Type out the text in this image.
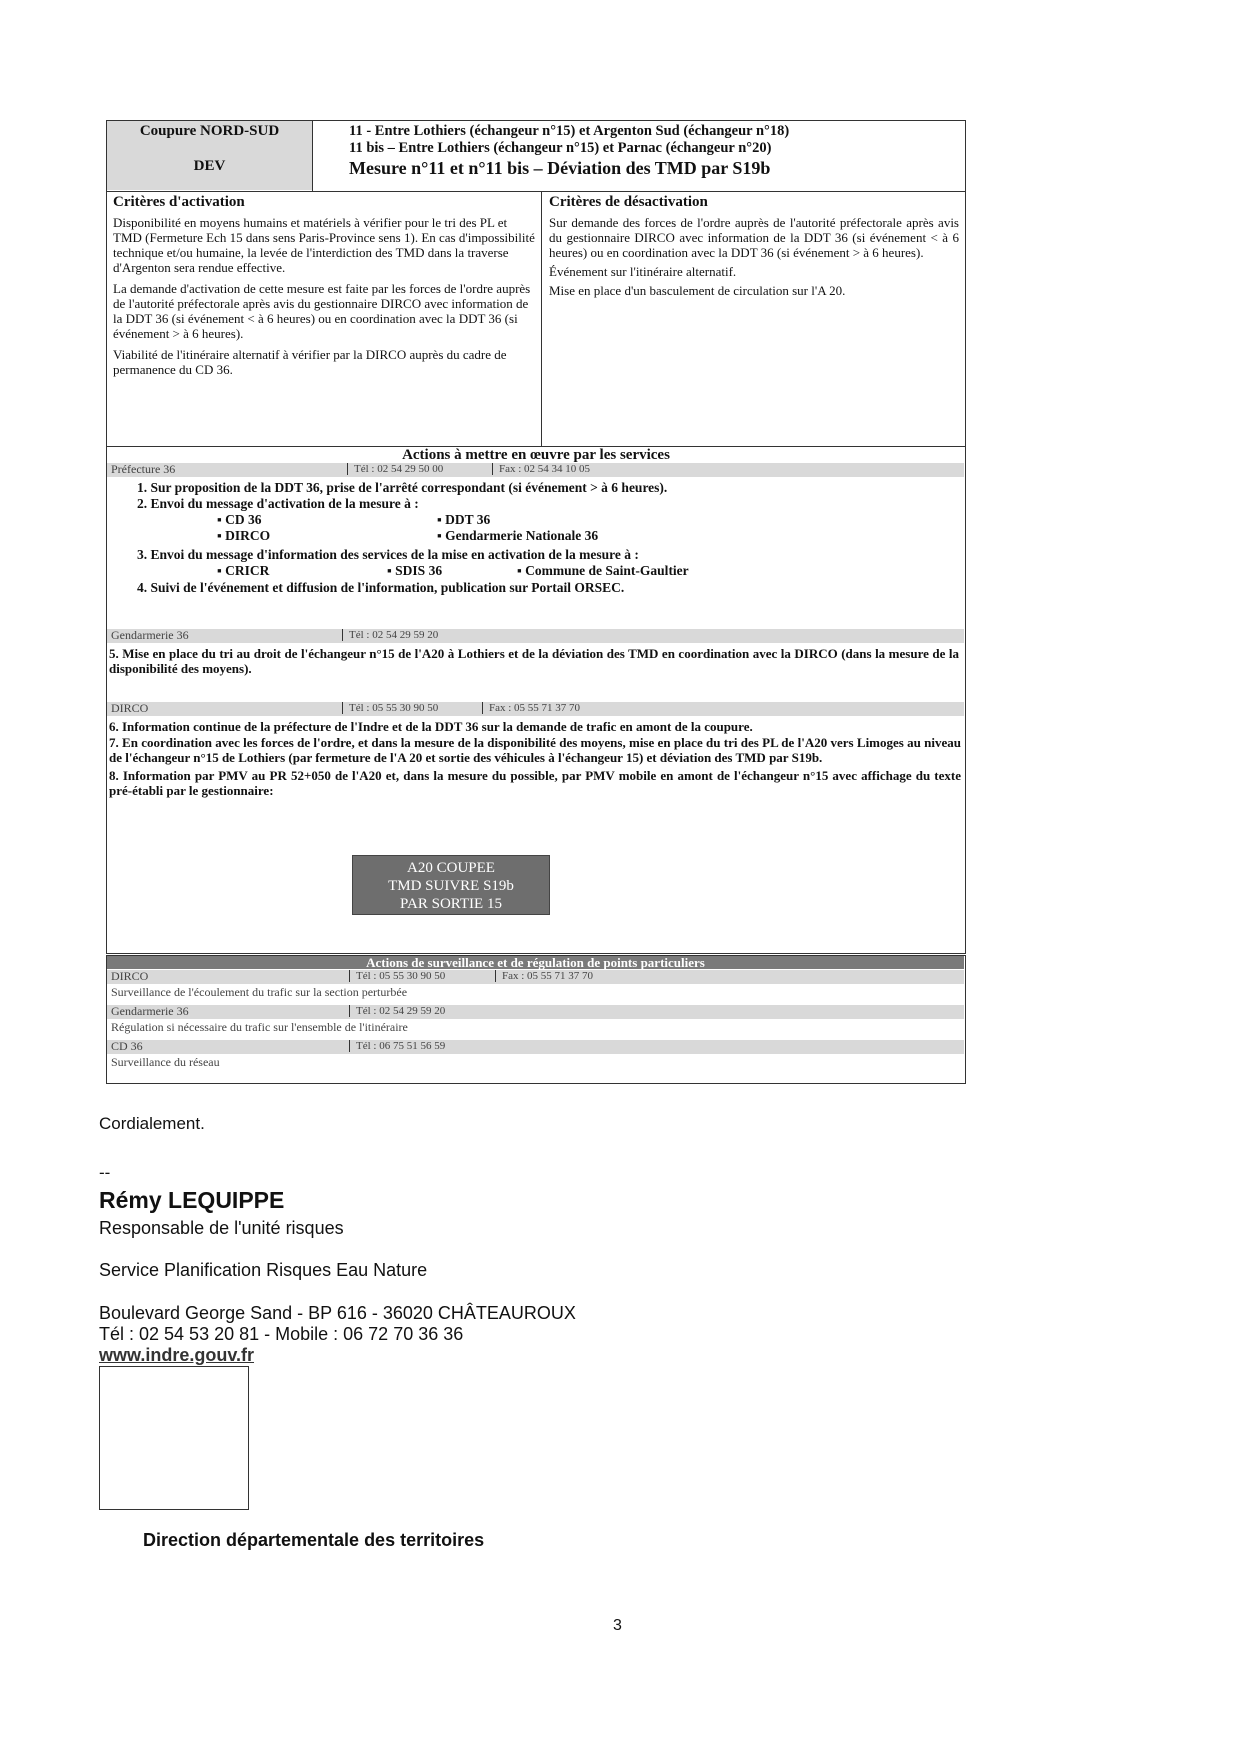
Coupure NORD-SUD
DEV
11 - Entre Lothiers (échangeur n°15) et Argenton Sud (échangeur n°18)
11 bis – Entre Lothiers (échangeur n°15) et Parnac (échangeur n°20)
Mesure n°11 et n°11 bis – Déviation des TMD par S19b
Critères d'activation
Disponibilité en moyens humains et matériels à vérifier pour le tri des PL et TMD (Fermeture Ech 15 dans sens Paris-Province sens 1). En cas d'impossibilité technique et/ou humaine, la levée de l'interdiction des TMD dans la traverse d'Argenton sera rendue effective.
La demande d'activation de cette mesure est faite par les forces de l'ordre auprès de l'autorité préfectorale après avis du gestionnaire DIRCO avec information de la DDT 36 (si événement < à 6 heures) ou en coordination avec la DDT 36 (si événement > à 6 heures).
Viabilité de l'itinéraire alternatif à vérifier par la DIRCO auprès du cadre de permanence du CD 36.
Critères de désactivation
Sur demande des forces de l'ordre auprès de l'autorité préfectorale après avis du gestionnaire DIRCO avec information de la DDT 36 (si événement < à 6 heures) ou en coordination avec la DDT 36 (si événement > à 6 heures).
Événement sur l'itinéraire alternatif.
Mise en place d'un basculement de circulation sur l'A 20.
Actions à mettre en œuvre par les services
Préfecture 36	Tél : 02 54 29 50 00	Fax : 02 54 34 10 05
1. Sur proposition de la DDT 36, prise de l'arrêté correspondant (si événement > à 6 heures).
2. Envoi du message d'activation de la mesure à :
▪ CD 36	▪ DDT 36
▪ DIRCO	▪ Gendarmerie Nationale 36
3. Envoi du message d'information des services de la mise en activation de la mesure à :
▪ CRICR	▪ SDIS 36	▪ Commune de Saint-Gaultier
4. Suivi de l'événement et diffusion de l'information, publication sur Portail ORSEC.
Gendarmerie 36	Tél : 02 54 29 59 20
5. Mise en place du tri au droit de l'échangeur n°15 de l'A20 à Lothiers et de la déviation des TMD en coordination avec la DIRCO (dans la mesure de la disponibilité des moyens).
DIRCO	Tél : 05 55 30 90 50	Fax : 05 55 71 37 70
6. Information continue de la préfecture de l'Indre et de la DDT 36 sur la demande de trafic en amont de la coupure.
7. En coordination avec les forces de l'ordre, et dans la mesure de la disponibilité des moyens, mise en place du tri des PL de l'A20 vers Limoges au niveau de l'échangeur n°15 de Lothiers (par fermeture de l'A 20 et sortie des véhicules à l'échangeur 15) et déviation des TMD par S19b.
8. Information par PMV au PR 52+050 de l'A20 et, dans la mesure du possible, par PMV mobile en amont de l'échangeur n°15 avec affichage du texte pré-établi par le gestionnaire:
A20 COUPEE
TMD SUIVRE S19b
PAR SORTIE 15
Actions de surveillance et de régulation de points particuliers
DIRCO	Tél : 05 55 30 90 50	Fax : 05 55 71 37 70
Surveillance de l'écoulement du trafic sur la section perturbée
Gendarmerie 36	Tél : 02 54 29 59 20
Régulation si nécessaire du trafic sur l'ensemble de l'itinéraire
CD 36	Tél : 06 75 51 56 59
Surveillance du réseau
Cordialement.
--
Rémy LEQUIPPE
Responsable de l'unité risques
Service Planification Risques Eau Nature
Boulevard George Sand - BP 616 - 36020 CHÂTEAUROUX
Tél : 02 54 53 20 81 - Mobile : 06 72 70 36 36
www.indre.gouv.fr
Direction départementale des territoires
3
